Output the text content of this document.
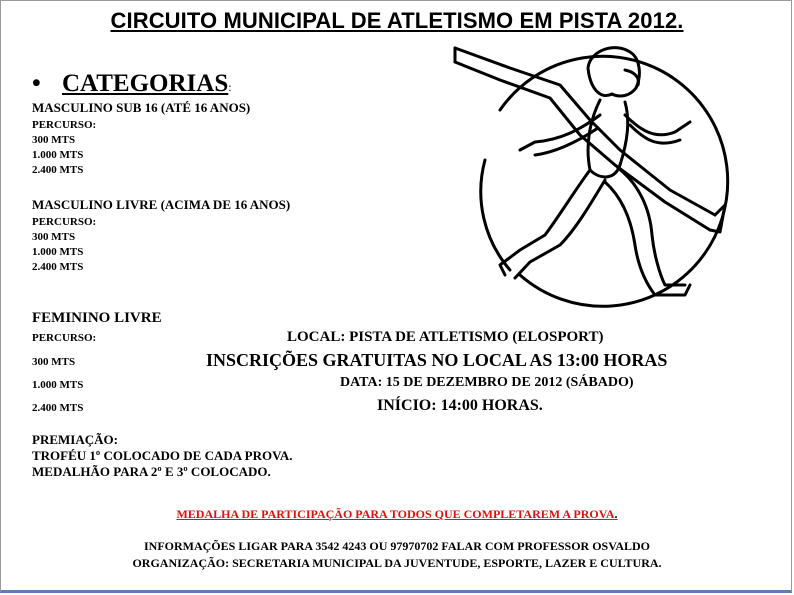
CIRCUITO MUNICIPAL DE ATLETISMO EM PISTA 2012.
• CATEGORIAS:
MASCULINO SUB 16 (ATÉ 16 ANOS)
PERCURSO:
300 MTS
1.000 MTS
2.400 MTS
MASCULINO LIVRE (ACIMA DE 16 ANOS)
PERCURSO:
300 MTS
1.000 MTS
2.400 MTS
FEMININO LIVRE
PERCURSO:
300 MTS
1.000 MTS
2.400 MTS
LOCAL: PISTA DE ATLETISMO (ELOSPORT)
INSCRIÇÕES GRATUITAS NO LOCAL AS 13:00 HORAS
DATA: 15 DE DEZEMBRO DE 2012 (SÁBADO)
INÍCIO: 14:00 HORAS.
PREMIAÇÃO:
TROFÉU 1º COLOCADO DE CADA PROVA.
MEDALHÃO PARA 2º E 3º COLOCADO.
MEDALHA DE PARTICIPAÇÃO PARA TODOS QUE COMPLETAREM A PROVA.
INFORMAÇÕES LIGAR PARA 3542 4243 OU 97970702 FALAR COM PROFESSOR OSVALDO
ORGANIZAÇÃO: SECRETARIA MUNICIPAL DA JUVENTUDE, ESPORTE, LAZER E CULTURA.
